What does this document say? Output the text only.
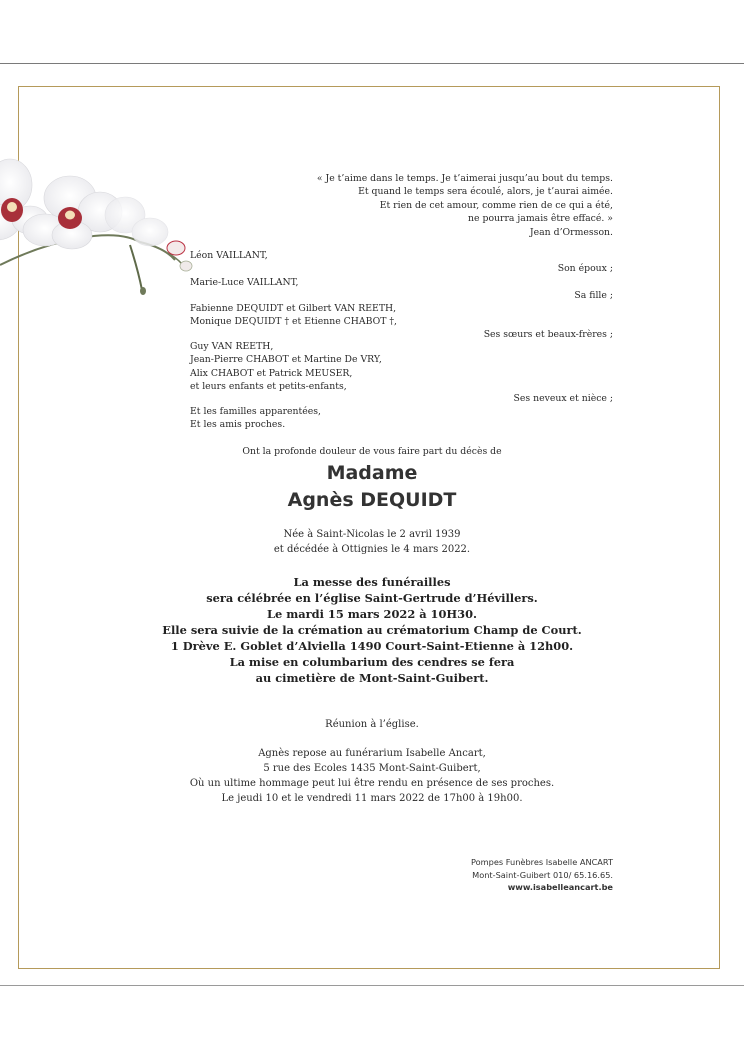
« Je t’aime dans le temps. Je t’aimerai jusqu’au bout du temps.
Et quand le temps sera écoulé, alors, je t’aurai aimée.
Et rien de cet amour, comme rien de ce qui a été,
ne pourra jamais être effacé. »
Jean d’Ormesson.
Léon VAILLANT,
Son époux ;
Marie-Luce VAILLANT,
Sa fille ;
Fabienne DEQUIDT et Gilbert VAN REETH,
Monique DEQUIDT † et Etienne CHABOT †,
Ses sœurs et beaux-frères ;
Guy VAN REETH,
Jean-Pierre CHABOT et Martine De VRY,
Alix CHABOT et Patrick MEUSER,
et leurs enfants et petits-enfants,
Ses neveux et nièce ;
Et les familles apparentées,
Et les amis proches.
Ont la profonde douleur de vous faire part du décès de
Madame
Agnès DEQUIDT
Née à Saint-Nicolas le 2 avril 1939
et décédée à Ottignies le 4 mars 2022.
La messe des funérailles
sera célébrée en l’église Saint-Gertrude d’Hévillers.
Le mardi 15 mars 2022 à 10H30.
Elle sera suivie de la crémation au crématorium Champ de Court.
1 Drève E. Goblet d’Alviella 1490 Court-Saint-Etienne à 12h00.
La mise en columbarium des cendres se fera
au cimetière de Mont-Saint-Guibert.
Réunion à l’église.
Agnès repose au funérarium Isabelle Ancart,
5 rue des Ecoles 1435 Mont-Saint-Guibert,
Où un ultime hommage peut lui être rendu en présence de ses proches.
Le jeudi 10 et le vendredi 11 mars 2022 de 17h00 à 19h00.
Pompes Funèbres Isabelle ANCART
Mont-Saint-Guibert 010/ 65.16.65.
www.isabelleancart.be
